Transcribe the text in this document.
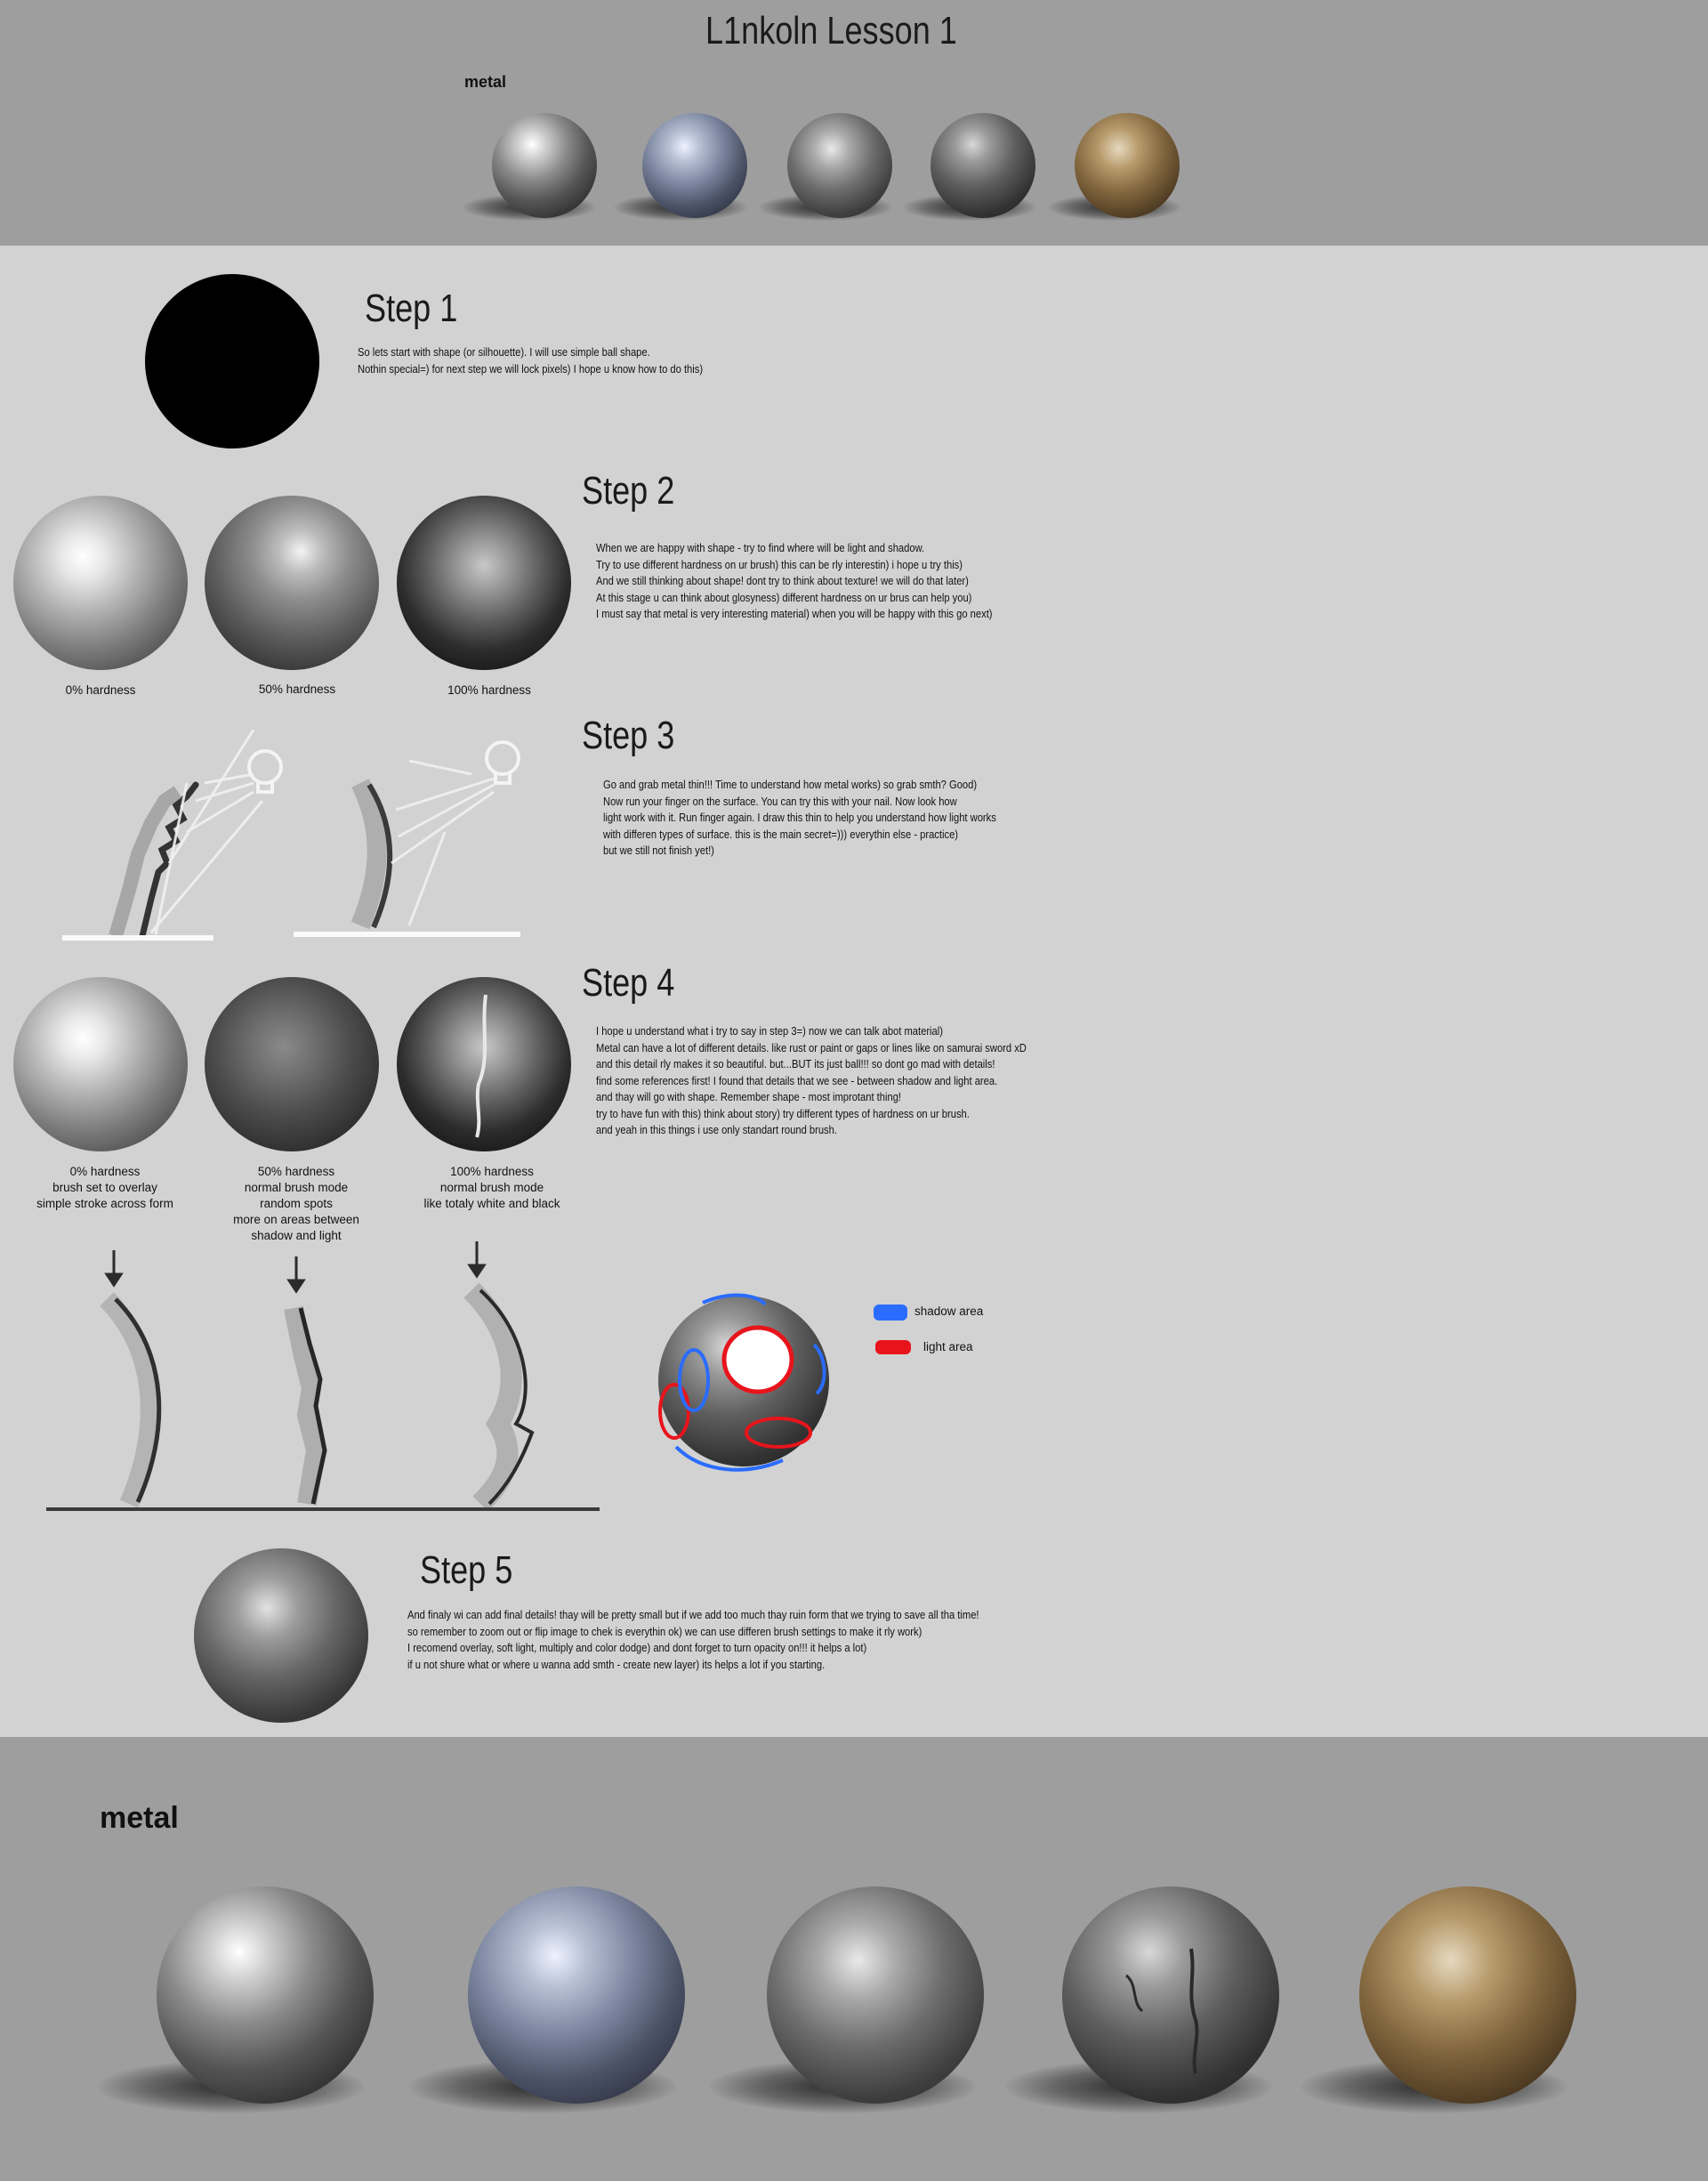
L1nkoln Lesson 1
metal
Step 1
So lets start with shape (or silhouette). I will use simple ball shape.
Nothin special=) for next step we will lock pixels) I hope u know how to do this)
Step 2
When we are happy with shape - try to find where will be light and shadow.
Try to use different hardness on ur brush) this can be rly interestin) i hope u try this)
And we still thinking about shape! dont try to think about texture! we will do that later)
At this stage u can think about glosyness) different hardness on ur brus can help you)
I must say that metal is very interesting material) when you will be happy with this go next)
0% hardness	50% hardness	100% hardness
Step 3
Go and grab metal thin!!! Time to understand how metal works) so grab smth? Good)
Now run your finger on the surface. You can try this with your nail. Now look how
light work with it. Run finger again. I draw this thin to help you understand how light works
with differen types of surface. this is the main secret=))) everythin else - practice)
but we still not finish yet!)
Step 4
I hope u understand what i try to say in step 3=) now we can talk abot material)
Metal can have a lot of different details. like rust or paint or gaps or lines like on samurai sword xD
and this detail rly makes it so beautiful. but...BUT its just ball!!! so dont go mad with details!
find some references first! I found that details that we see - between shadow and light area.
and thay will go with shape. Remember shape - most improtant thing!
try to have fun with this) think about story) try different types of hardness on ur brush.
and yeah in this things i use only standart round brush.
0% hardness
brush set to overlay
simple stroke across form
50% hardness
normal brush mode
random spots
more on areas between
shadow and light
100% hardness
normal brush mode
like totaly white and black
shadow area
light area
Step 5
And finaly wi can add final details! thay will be pretty small but if we add too much thay ruin form that we trying to save all tha time!
so remember to zoom out or flip image to chek is everythin ok) we can use differen brush settings to make it rly work)
I recomend overlay, soft light, multiply and color dodge) and dont forget to turn opacity on!!! it helps a lot)
if u not shure what or where u wanna add smth - create new layer) its helps a lot if you starting.
metal
